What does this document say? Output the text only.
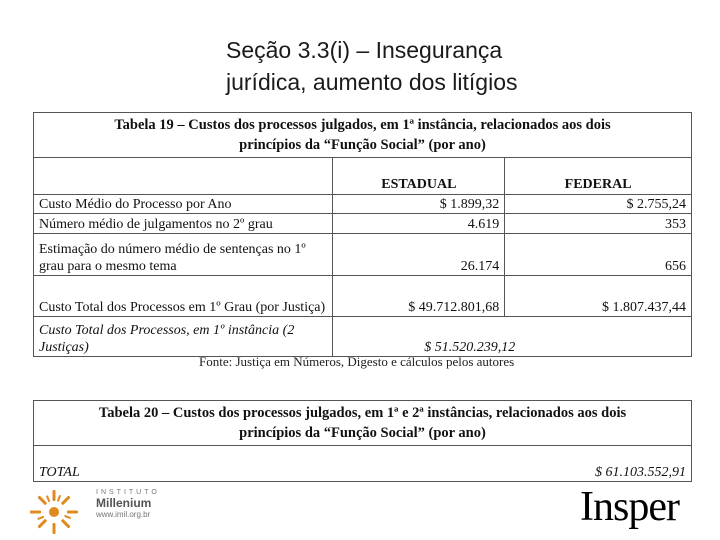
Seção 3.3(i) – Insegurança
jurídica, aumento dos litígios
Tabela 19 – Custos dos processos julgados, em 1ª instância, relacionados aos dois
princípios da “Função Social” (por ano)		

	ESTADUAL	FEDERAL
Custo Médio do Processo por Ano	$ 1.899,32	$ 2.755,24
Número médio de julgamentos no 2º grau	4.619	353
Estimação do número médio de sentenças no 1º grau para o mesmo tema	26.174	656
Custo Total dos Processos em 1º Grau (por Justiça)	$ 49.712.801,68	$ 1.807.437,44
Custo Total dos Processos, em 1º instância (2 Justiças)	$ 51.520.239,12	
Fonte: Justiça em Números, Digesto e cálculos pelos autores
Tabela 20 – Custos dos processos julgados, em 1ª e 2ª instâncias, relacionados aos dois
princípios da “Função Social” (por ano)

TOTAL	$ 61.103.552,91
INSTITUTO
Millenium
www.imil.org.br	Insper
